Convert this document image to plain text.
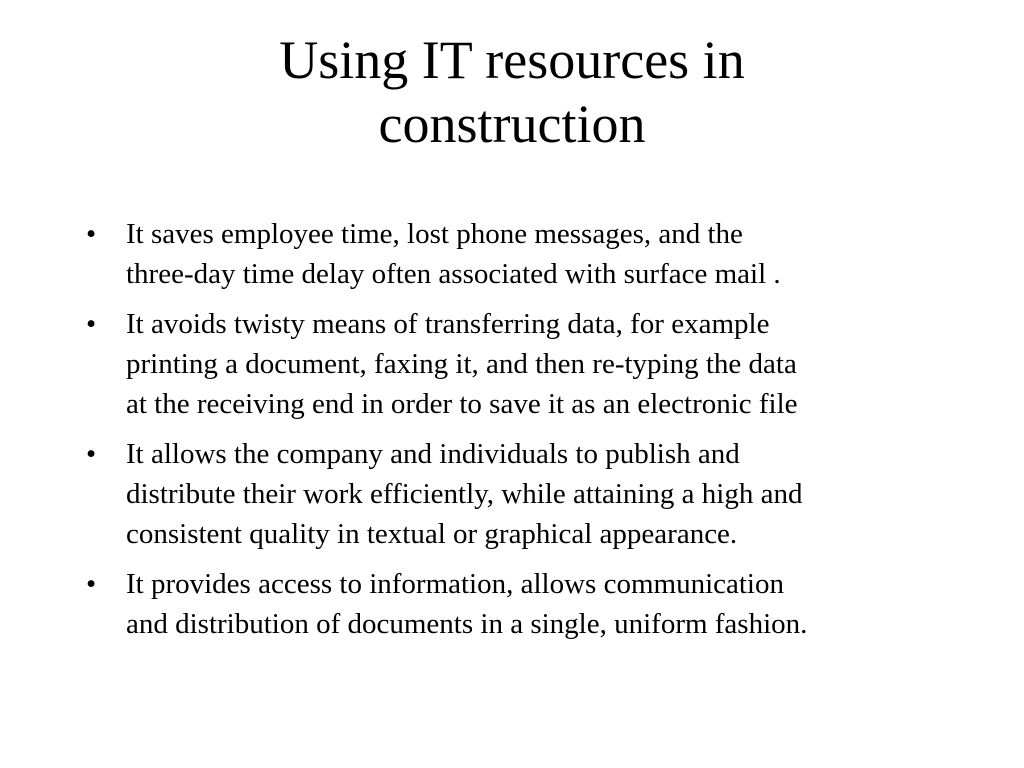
Using IT resources in
construction
•	It saves employee time, lost phone messages, and the
three-day time delay often associated with surface mail .
•	It avoids twisty means of transferring data, for example
printing a document, faxing it, and then re-typing the data
at the receiving end in order to save it as an electronic file
•	It allows the company and individuals to publish and
distribute their work efficiently, while attaining a high and
consistent quality in textual or graphical appearance.
•	It provides access to information, allows communication
and distribution of documents in a single, uniform fashion.
